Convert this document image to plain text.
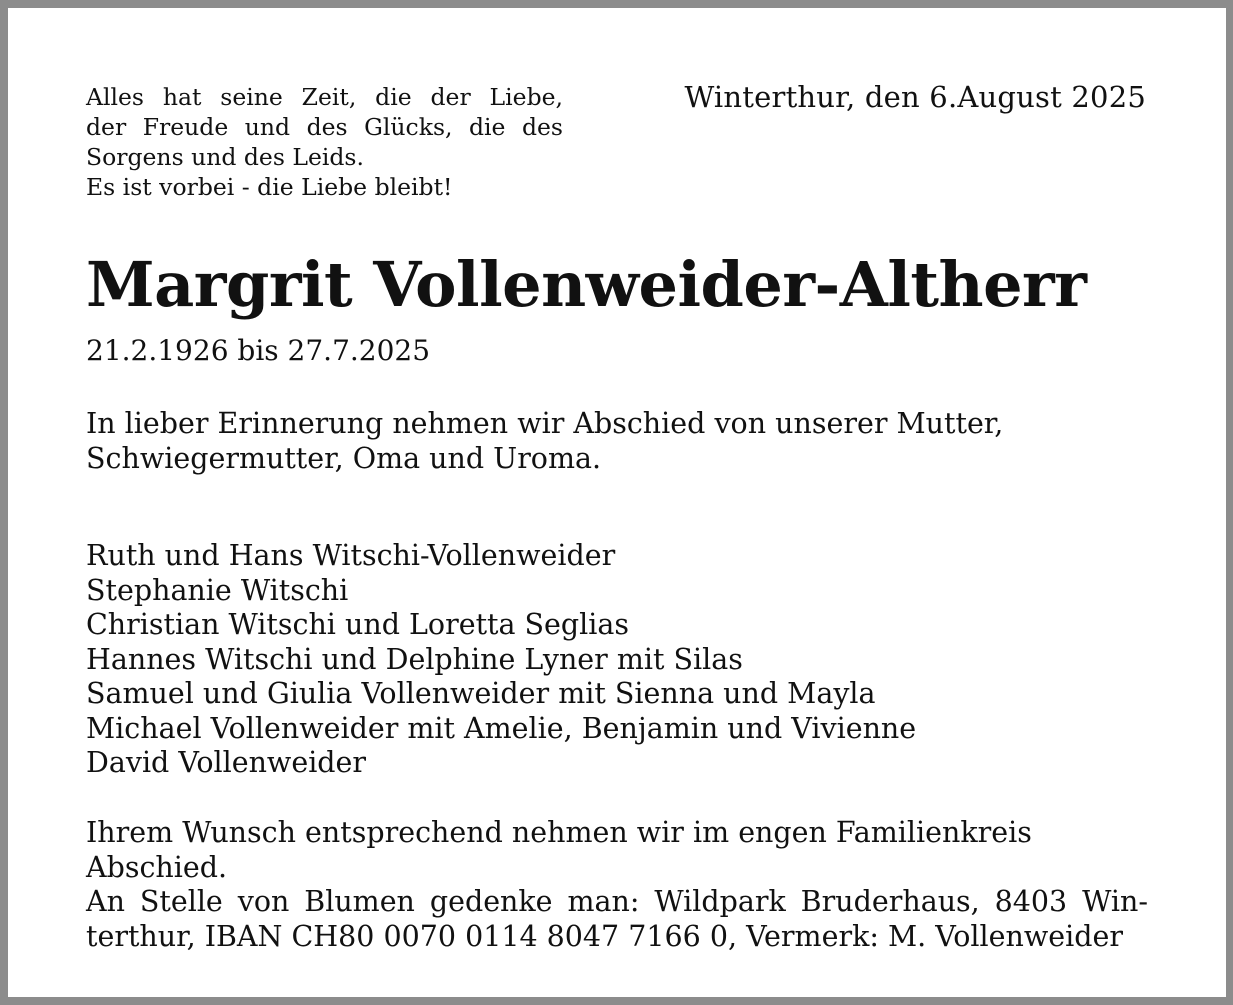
Alles hat seine Zeit, die der Liebe,
der Freude und des Glücks, die des
Sorgens und des Leids.
Es ist vorbei - die Liebe bleibt!
Winterthur, den 6.August 2025
Margrit Vollenweider-Altherr
21.2.1926 bis 27.7.2025
In lieber Erinnerung nehmen wir Abschied von unserer Mutter,
Schwiegermutter, Oma und Uroma.
Ruth und Hans Witschi-Vollenweider
Stephanie Witschi
Christian Witschi und Loretta Seglias
Hannes Witschi und Delphine Lyner mit Silas
Samuel und Giulia Vollenweider mit Sienna und Mayla
Michael Vollenweider mit Amelie, Benjamin und Vivienne
David Vollenweider
Ihrem Wunsch entsprechend nehmen wir im engen Familienkreis
Abschied.
An Stelle von Blumen gedenke man: Wildpark Bruderhaus, 8403 Win-
terthur, IBAN CH80 0070 0114 8047 7166 0, Vermerk: M. Vollenweider
